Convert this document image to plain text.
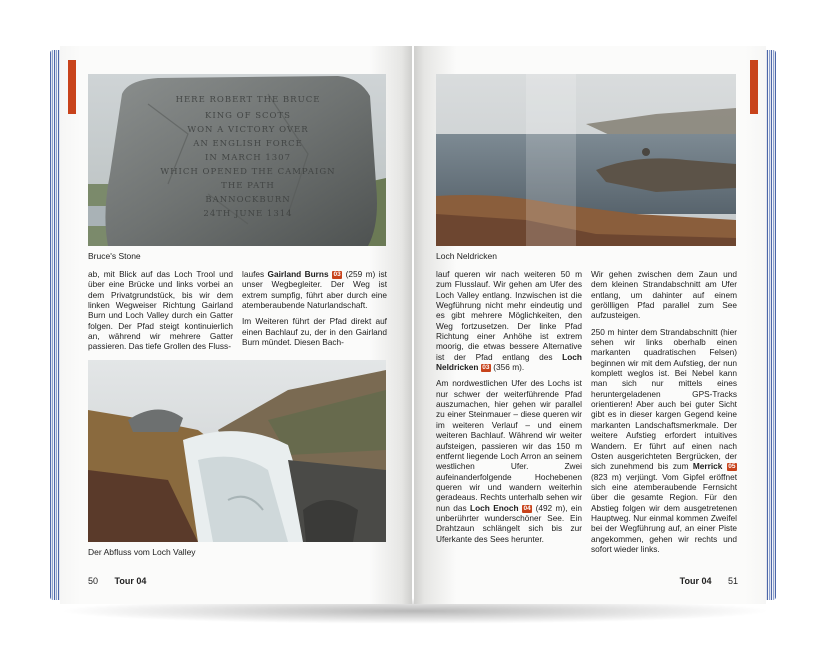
HERE ROBERT THE BRUCE
KING OF SCOTS
WON A VICTORY OVER
AN ENGLISH FORCE
IN MARCH 1307
WHICH OPENED THE CAMPAIGN
THE PATH
BANNOCKBURN
24TH JUNE 1314
Bruce's Stone

ab, mit Blick auf das Loch Trool und über eine Brücke und links vorbei an dem Privatgrundstück, bis wir dem linken Wegweiser Richtung Gairland Burn und Loch Valley durch ein Gatter folgen. Der Pfad steigt kontinuierlich an, während wir mehrere Gatter passieren. Das tiefe Grollen des Fluss-

laufes Gairland Burns 03 (259 m) ist unser Wegbegleiter. Der Weg ist extrem sumpfig, führt aber durch eine atemberaubende Naturlandschaft.

Im Weiteren führt der Pfad direkt auf einen Bachlauf zu, der in den Gairland Burn mündet. Diesen Bach-

Der Abfluss vom Loch Valley
50 Tour 04
Loch Neldricken

lauf queren wir nach weiteren 50 m zum Flusslauf. Wir gehen am Ufer des Loch Valley entlang. Inzwischen ist die Wegführung nicht mehr eindeutig und es gibt mehrere Möglichkeiten, den Weg fortzusetzen. Der linke Pfad Richtung einer Anhöhe ist extrem moorig, die etwas bessere Alternative ist der Pfad entlang des Loch Neldricken 03 (356 m).

Am nordwestlichen Ufer des Lochs ist nur schwer der weiterführende Pfad auszumachen, hier gehen wir parallel zu einer Steinmauer – diese queren wir im weiteren Verlauf – und einem weiteren Bachlauf. Während wir weiter aufsteigen, passieren wir das 150 m entfernt liegende Loch Arron an seinem westlichen Ufer. Zwei aufeinanderfolgende Hochebenen queren wir und wandern weiterhin geradeaus. Rechts unterhalb sehen wir nun das Loch Enoch 04 (492 m), ein unberührter wunderschöner See. Ein Drahtzaun schlängelt sich bis zur Uferkante des Sees herunter.

Wir gehen zwischen dem Zaun und dem kleinen Strandabschnitt am Ufer entlang, um dahinter auf einem geröllligen Pfad parallel zum See aufzusteigen.

250 m hinter dem Strandabschnitt (hier sehen wir links oberhalb einen markanten quadratischen Felsen) beginnen wir mit dem Aufstieg, der nun komplett weglos ist. Bei Nebel kann man sich nur mittels eines heruntergeladenen GPS-Tracks orientieren! Aber auch bei guter Sicht gibt es in dieser kargen Gegend keine markanten Landschaftsmerkmale. Der weitere Aufstieg erfordert intuitives Wandern. Er führt auf einen nach Osten ausgerichteten Bergrücken, der sich zunehmend bis zum Merrick 05 (823 m) verjüngt. Vom Gipfel eröffnet sich eine atemberaubende Fernsicht über die gesamte Region. Für den Abstieg folgen wir dem ausgetretenen Hauptweg. Nur einmal kommen Zweifel bei der Wegführung auf, an einer Piste angekommen, gehen wir rechts und sofort wieder links.

Tour 04 51
